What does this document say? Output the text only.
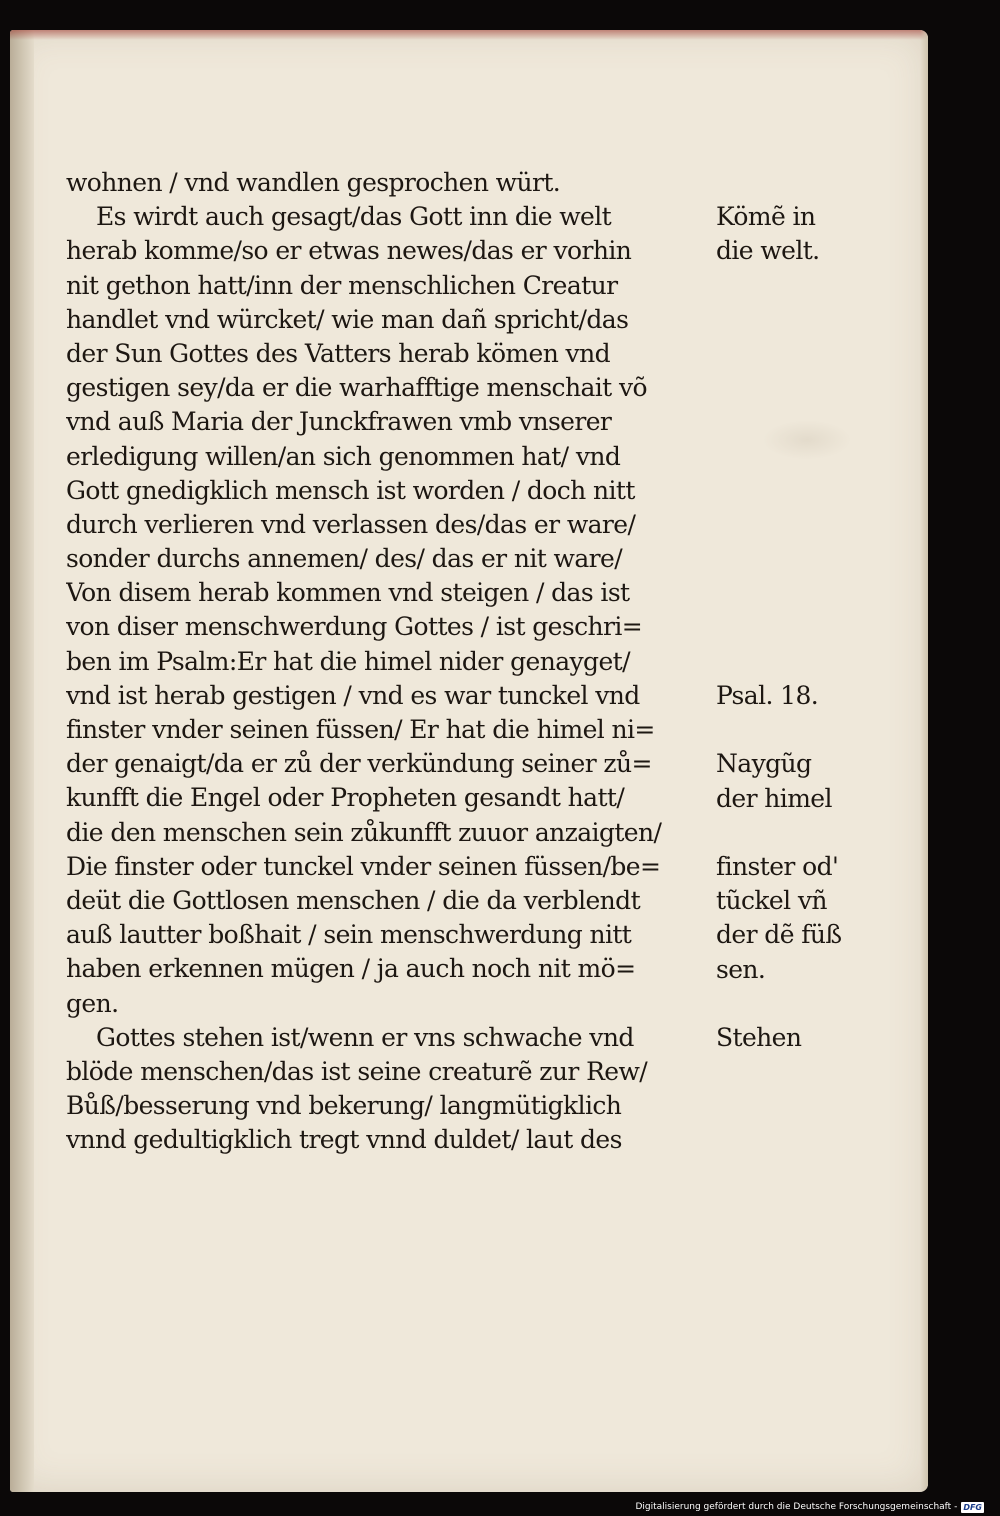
wohnen / vnd wandlen gesprochen würt.
Es wirdt auch gesagt/das Gott inn die welt
herab komme/so er etwas newes/das er vorhin
nit gethon hatt/inn der menschlichen Creatur
handlet vnd würcket/ wie man dañ spricht/das
der Sun Gottes des Vatters herab kömen vnd
gestigen sey/da er die warhafftige menschait võ
vnd auß Maria der Junckfrawen vmb vnserer
erledigung willen/an sich genommen hat/ vnd
Gott gnedigklich mensch ist worden / doch nitt
durch verlieren vnd verlassen des/das er ware/
sonder durchs annemen/ des/ das er nit ware/
Von disem herab kommen vnd steigen / das ist
von diser menschwerdung Gottes / ist geschri=
ben im Psalm:Er hat die himel nider genayget/
vnd ist herab gestigen / vnd es war tunckel vnd
finster vnder seinen füssen/ Er hat die himel ni=
der genaigt/da er zů der verkündung seiner zů=
kunfft die Engel oder Propheten gesandt hatt/
die den menschen sein zůkunfft zuuor anzaigten/
Die finster oder tunckel vnder seinen füssen/be=
deüt die Gottlosen menschen / die da verblendt
auß lautter boßhait / sein menschwerdung nitt
haben erkennen mügen / ja auch noch nit mö=
gen.
Gottes stehen ist/wenn er vns schwache vnd
blöde menschen/das ist seine creaturẽ zur Rew/
Bůß/besserung vnd bekerung/ langmütigklich
vnnd gedultigklich tregt vnnd duldet/ laut des
Kömẽ in
die welt.
Psal. 18.
Naygũg
der himel
finster od'
tũckel vñ
der dẽ füß
sen.
Stehen
Digitalisierung gefördert durch die Deutsche Forschungsgemeinschaft - DFG
